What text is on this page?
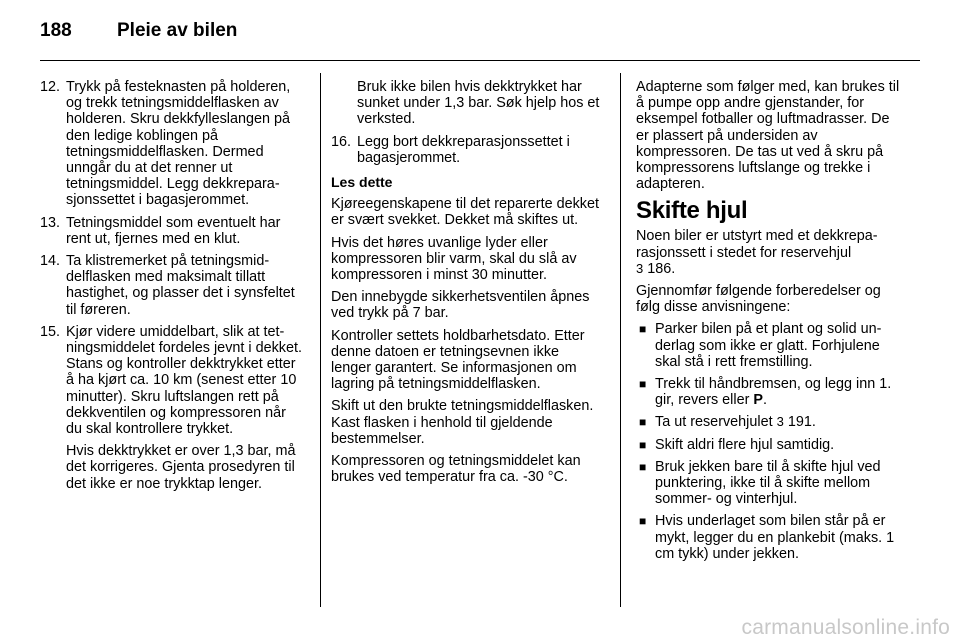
188 Pleie av bilen
12. Trykk på festeknasten på holderen, og trekk tetningsmiddelflasken av holderen. Skru dekkfylleslangen på den ledige koblingen på tetningsmiddelflasken. Dermed unngår du at det renner ut tetningsmiddel. Legg dekkreparasjonssettet i bagasjerommet.
13. Tetningsmiddel som eventuelt har rent ut, fjernes med en klut.
14. Ta klistremerket på tetningsmiddelflasken med maksimalt tillatt hastighet, og plasser det i synsfeltet til føreren.
15. Kjør videre umiddelbart, slik at tetningsmiddelet fordeles jevnt i dekket. Stans og kontroller dekktrykket etter å ha kjørt ca. 10 km (senest etter 10 minutter). Skru luftslangen rett på dekkventilen og kompressoren når du skal kontrollere trykket.

Hvis dekktrykket er over 1,3 bar, må det korrigeres. Gjenta prosedyren til det ikke er noe trykktap lenger.

Bruk ikke bilen hvis dekktrykket har sunket under 1,3 bar. Søk hjelp hos et verksted.

16. Legg bort dekkreparasjonssettet i bagasjerommet.

Les dette

Kjøreegenskapene til det reparerte dekket er svært svekket. Dekket må skiftes ut.

Hvis det høres uvanlige lyder eller kompressoren blir varm, skal du slå av kompressoren i minst 30 minutter.

Den innebygde sikkerhetsventilen åpnes ved trykk på 7 bar.

Kontroller settets holdbarhetsdato. Etter denne datoen er tetningsevnen ikke lenger garantert. Se informasjonen om lagring på tetningsmiddelflasken.

Skift ut den brukte tetningsmiddelflasken. Kast flasken i henhold til gjeldende bestemmelser.

Kompressoren og tetningsmiddelet kan brukes ved temperatur fra ca. -30 °C.

Adapterne som følger med, kan brukes til å pumpe opp andre gjenstander, for eksempel fotballer og luftmadrasser. De er plassert på undersiden av kompressoren. De tas ut ved å skru på kompressorens luftslange og trekke i adapteren.

Skifte hjul

Noen biler er utstyrt med et dekkreparasjonssett i stedet for reservehjul
3 186.

Gjennomfør følgende forberedelser og følg disse anvisningene:

■ Parker bilen på et plant og solid underlag som ikke er glatt. Forhjulene skal stå i rett fremstilling.
■ Trekk til håndbremsen, og legg inn 1. gir, revers eller P.
■ Ta ut reservehjulet 3 191.
■ Skift aldri flere hjul samtidig.
■ Bruk jekken bare til å skifte hjul ved punktering, ikke til å skifte mellom sommer- og vinterhjul.
■ Hvis underlaget som bilen står på er mykt, legger du en plankebit (maks. 1 cm tykk) under jekken.
carmanualsonline.info
